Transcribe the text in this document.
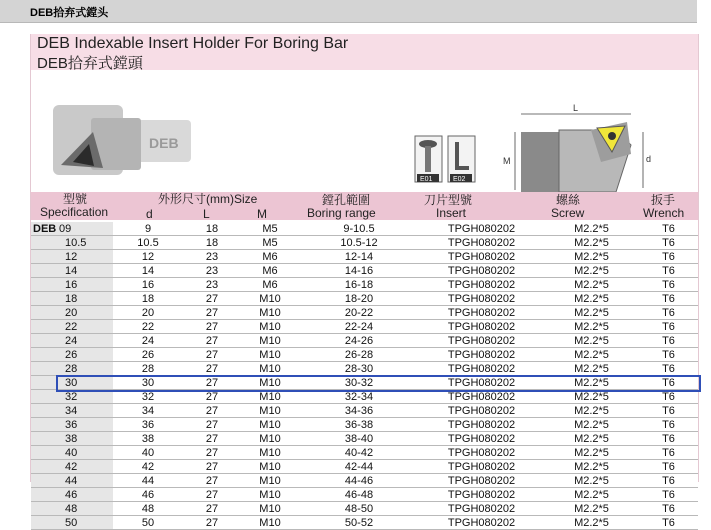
DEB拾弃式鏜头
DEB Indexable Insert Holder For Boring Bar
DEB拾弃式鏜頭
DEB
E01	E02
L
M	d
型號
Specification
外形尺寸(mm)Size
d	L	M
鏜孔範圍
Boring range
刀片型號
Insert
螺絲
Screw
扳手
Wrench
DEB 09	9	18	M5	9-10.5	TPGH080202	M2.2*5	T6
10.5	10.5	18	M5	10.5-12	TPGH080202	M2.2*5	T6
12	12	23	M6	12-14	TPGH080202	M2.2*5	T6
14	14	23	M6	14-16	TPGH080202	M2.2*5	T6
16	16	23	M6	16-18	TPGH080202	M2.2*5	T6
18	18	27	M10	18-20	TPGH080202	M2.2*5	T6
20	20	27	M10	20-22	TPGH080202	M2.2*5	T6
22	22	27	M10	22-24	TPGH080202	M2.2*5	T6
24	24	27	M10	24-26	TPGH080202	M2.2*5	T6
26	26	27	M10	26-28	TPGH080202	M2.2*5	T6
28	28	27	M10	28-30	TPGH080202	M2.2*5	T6
30	30	27	M10	30-32	TPGH080202	M2.2*5	T6
32	32	27	M10	32-34	TPGH080202	M2.2*5	T6
34	34	27	M10	34-36	TPGH080202	M2.2*5	T6
36	36	27	M10	36-38	TPGH080202	M2.2*5	T6
38	38	27	M10	38-40	TPGH080202	M2.2*5	T6
40	40	27	M10	40-42	TPGH080202	M2.2*5	T6
42	42	27	M10	42-44	TPGH080202	M2.2*5	T6
44	44	27	M10	44-46	TPGH080202	M2.2*5	T6
46	46	27	M10	46-48	TPGH080202	M2.2*5	T6
48	48	27	M10	48-50	TPGH080202	M2.2*5	T6
50	50	27	M10	50-52	TPGH080202	M2.2*5	T6
